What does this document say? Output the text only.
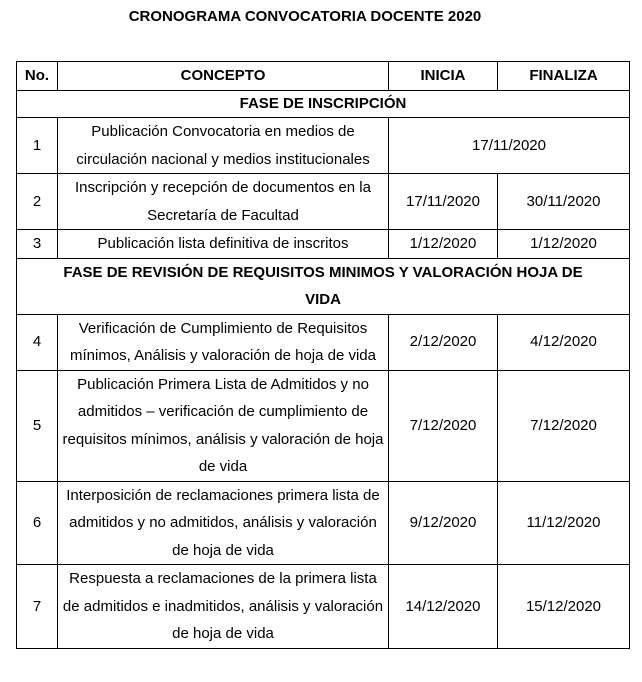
CRONOGRAMA CONVOCATORIA DOCENTE 2020
No.	CONCEPTO	INICIA	FINALIZA
FASE DE INSCRIPCIÓN			
1	Publicación Convocatoria en medios de circulación nacional y medios institucionales	17/11/2020	
2	Inscripción y recepción de documentos en la Secretaría de Facultad	17/11/2020	30/11/2020
3	Publicación lista definitiva de inscritos	1/12/2020	1/12/2020
FASE DE REVISIÓN DE REQUISITOS MINIMOS Y VALORACIÓN HOJA DE VIDA			
4	Verificación de Cumplimiento de Requisitos mínimos, Análisis y valoración de hoja de vida	2/12/2020	4/12/2020
5	Publicación Primera Lista de Admitidos y no admitidos – verificación de cumplimiento de requisitos mínimos, análisis y valoración de hoja de vida	7/12/2020	7/12/2020
6	Interposición de reclamaciones primera lista de admitidos y no admitidos, análisis y valoración de hoja de vida	9/12/2020	11/12/2020
7	Respuesta a reclamaciones de la primera lista de admitidos e inadmitidos, análisis y valoración de hoja de vida	14/12/2020	15/12/2020
